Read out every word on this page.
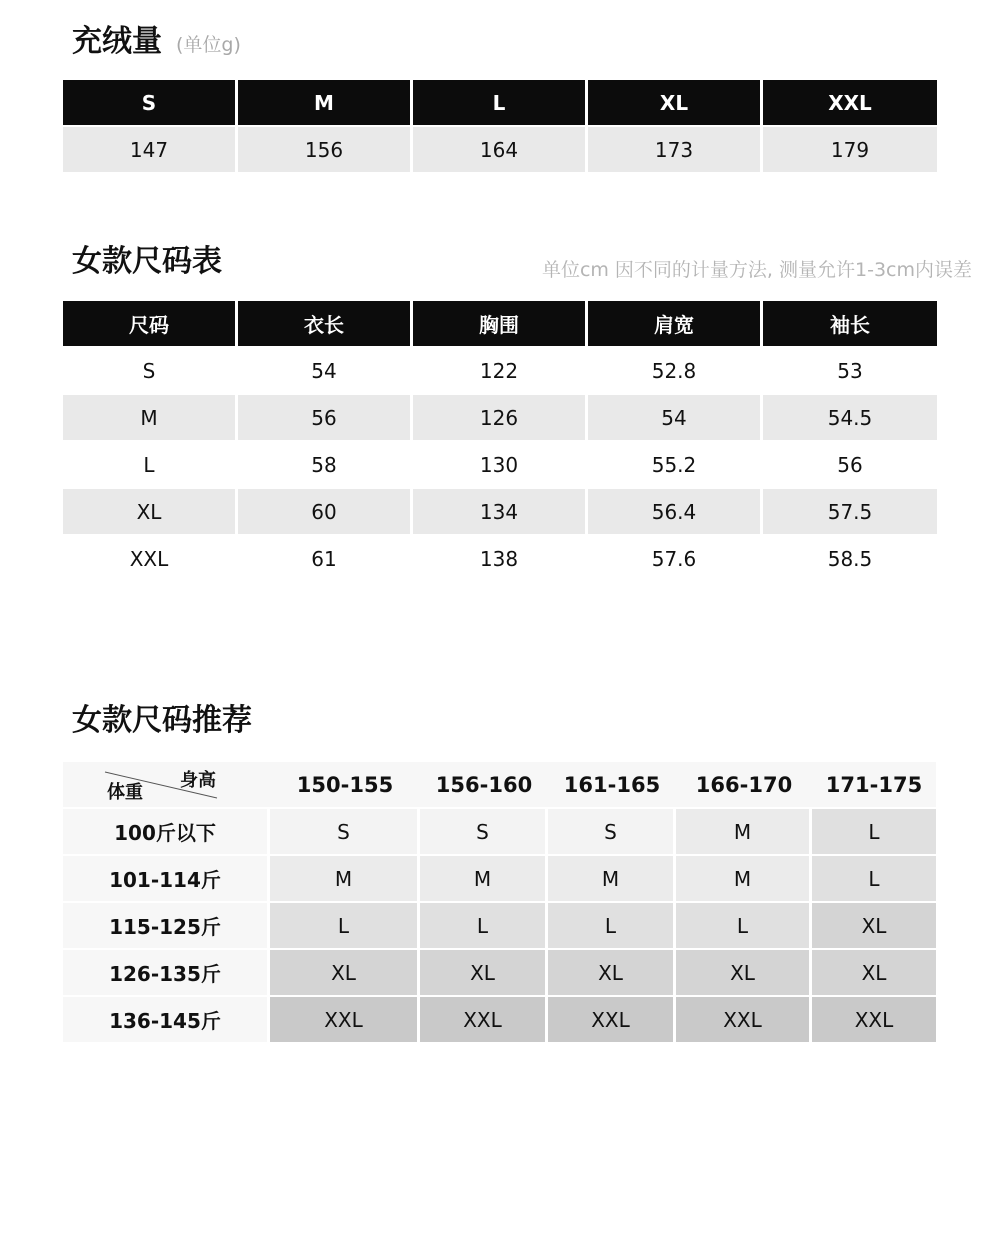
充绒量 (单位g)
S	M	L	XL	XXL
147	156	164	173	179
女款尺码表	单位cm 因不同的计量方法, 测量允许1-3cm内误差
尺码	衣长	胸围	肩宽	袖长
S	54	122	52.8	53
M	56	126	54	54.5
L	58	130	55.2	56
XL	60	134	56.4	57.5
XXL	61	138	57.6	58.5
女款尺码推荐
身高
体重	150-155	156-160	161-165	166-170	171-175
100斤以下	S	S	S	M	L
101-114斤	M	M	M	M	L
115-125斤	L	L	L	L	XL
126-135斤	XL	XL	XL	XL	XL
136-145斤	XXL	XXL	XXL	XXL	XXL
